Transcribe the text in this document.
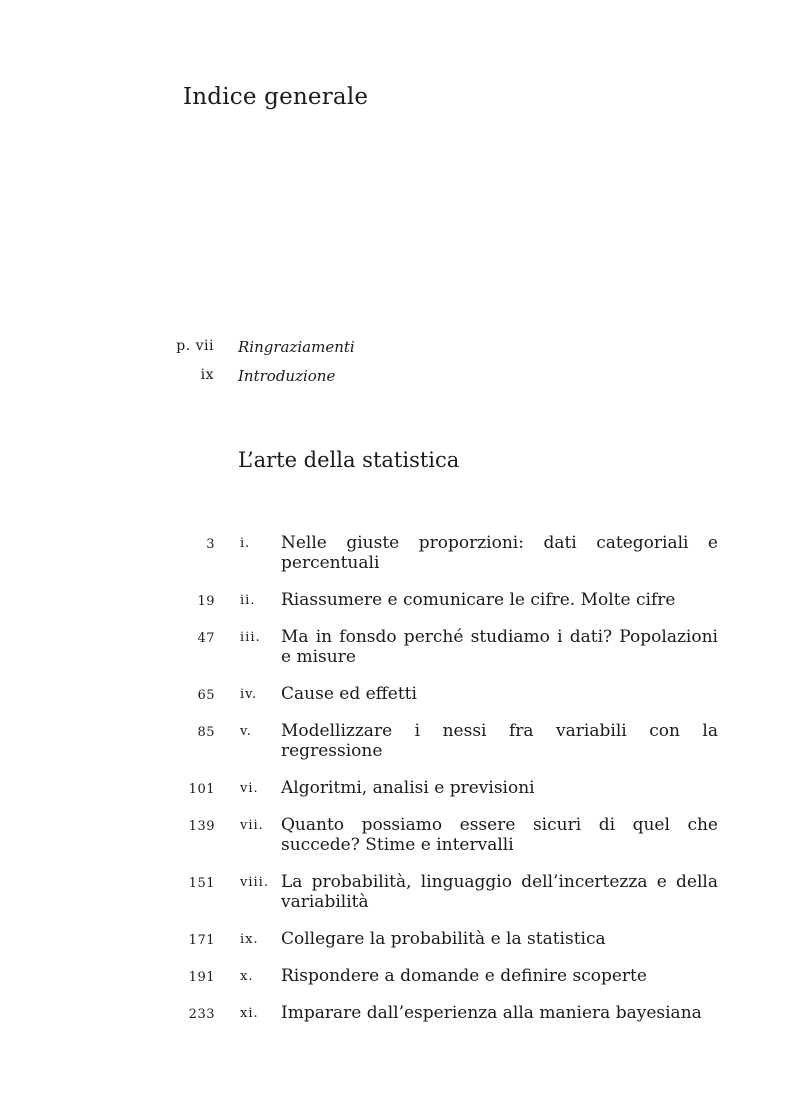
Indice generale
p. vii Ringraziamenti
ix Introduzione
L’arte della statistica
3 i. Nelle giuste proporzioni: dati categoriali e percentuali
19 ii. Riassumere e comunicare le cifre. Molte cifre
47 iii. Ma in fonsdo perché studiamo i dati? Popolazioni e misure
65 iv. Cause ed effetti
85 v. Modellizzare i nessi fra variabili con la regressione
101 vi. Algoritmi, analisi e previsioni
139 vii. Quanto possiamo essere sicuri di quel che succede? Stime e intervalli
151 viii. La probabilità, linguaggio dell’incertezza e della variabilità
171 ix. Collegare la probabilità e la statistica
191 x. Rispondere a domande e definire scoperte
233 xi. Imparare dall’esperienza alla maniera bayesiana
